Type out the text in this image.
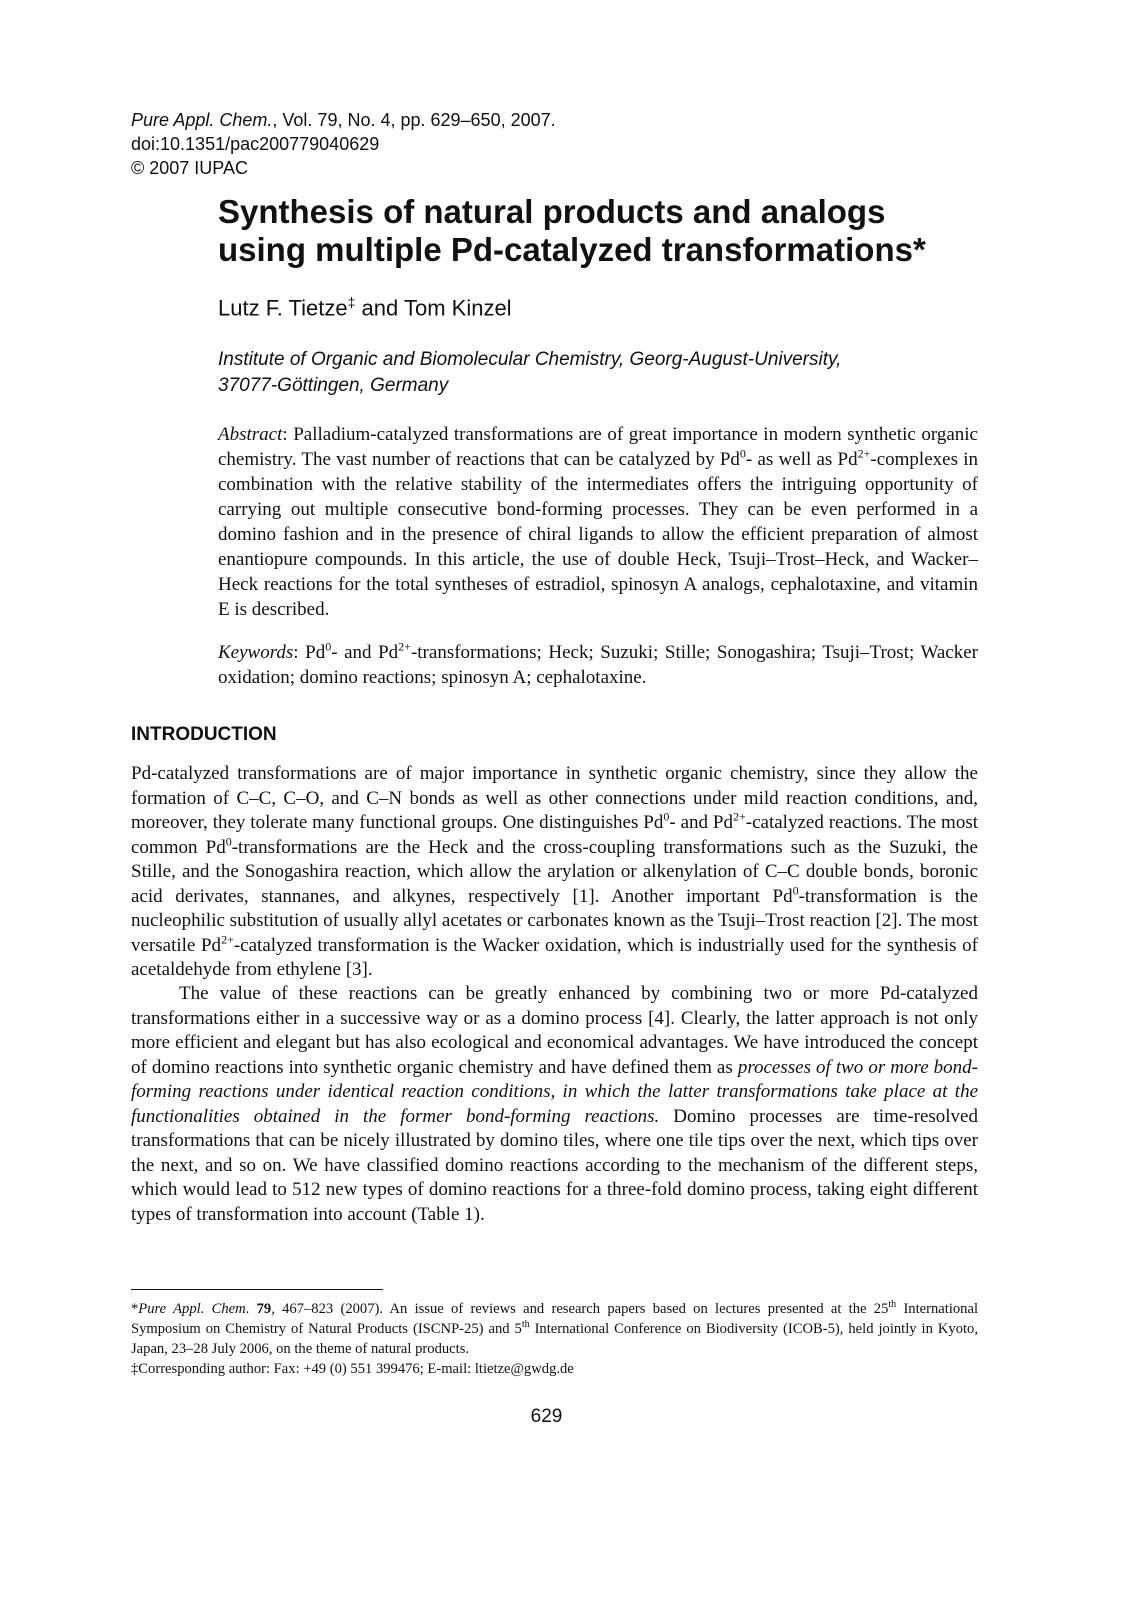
Pure Appl. Chem., Vol. 79, No. 4, pp. 629–650, 2007.
doi:10.1351/pac200779040629
© 2007 IUPAC
Synthesis of natural products and analogs
using multiple Pd-catalyzed transformations*
Lutz F. Tietze‡ and Tom Kinzel
Institute of Organic and Biomolecular Chemistry, Georg-August-University,
37077-Göttingen, Germany
Abstract: Palladium-catalyzed transformations are of great importance in modern synthetic organic chemistry. The vast number of reactions that can be catalyzed by Pd$^0$- as well as $Pd^{2+}$-complexes in combination with the relative stability of the intermediates offers the intriguing opportunity of carrying out multiple consecutive bond-forming processes. They can be even performed in a domino fashion and in the presence of chiral ligands to allow the efficient preparation of almost enantiopure compounds. In this article, the use of double Heck, Tsuji–Trost–Heck, and Wacker–Heck reactions for the total syntheses of estradiol, spinosyn A analogs, cephalotaxine, and vitamin E is described.
Keywords: Pd$^0$- and $Pd^{2+}$-transformations; Heck; Suzuki; Stille; Sonogashira; Tsuji–Trost; Wacker oxidation; domino reactions; spinosyn A; cephalotaxine.
INTRODUCTION
Pd-catalyzed transformations are of major importance in synthetic organic chemistry, since they allow the formation of C–C, C–O, and C–N bonds as well as other connections under mild reaction conditions, and, moreover, they tolerate many functional groups. One distinguishes Pd$^0$- and $Pd^{2+}$-catalyzed reactions. The most common Pd$^0$-transformations are the Heck and the cross-coupling transformations such as the Suzuki, the Stille, and the Sonogashira reaction, which allow the arylation or alkenylation of C–C double bonds, boronic acid derivates, stannanes, and alkynes, respectively [1]. Another important Pd$^0$-transformation is the nucleophilic substitution of usually allyl acetates or carbonates known as the Tsuji–Trost reaction [2]. The most versatile $Pd^{2+}$-catalyzed transformation is the Wacker oxidation, which is industrially used for the synthesis of acetaldehyde from ethylene [3].
The value of these reactions can be greatly enhanced by combining two or more Pd-catalyzed transformations either in a successive way or as a domino process [4]. Clearly, the latter approach is not only more efficient and elegant but has also ecological and economical advantages. We have introduced the concept of domino reactions into synthetic organic chemistry and have defined them as processes of two or more bond-forming reactions under identical reaction conditions, in which the latter transformations take place at the functionalities obtained in the former bond-forming reactions. Domino processes are time-resolved transformations that can be nicely illustrated by domino tiles, where one tile tips over the next, which tips over the next, and so on. We have classified domino reactions according to the mechanism of the different steps, which would lead to 512 new types of domino reactions for a three-fold domino process, taking eight different types of transformation into account (Table 1).
*Pure Appl. Chem. 79, 467–823 (2007). An issue of reviews and research papers based on lectures presented at the 25th International Symposium on Chemistry of Natural Products (ISCNP-25) and 5th International Conference on Biodiversity (ICOB-5), held jointly in Kyoto, Japan, 23–28 July 2006, on the theme of natural products.
‡Corresponding author: Fax: +49 (0) 551 399476; E-mail: ltietze@gwdg.de
629
